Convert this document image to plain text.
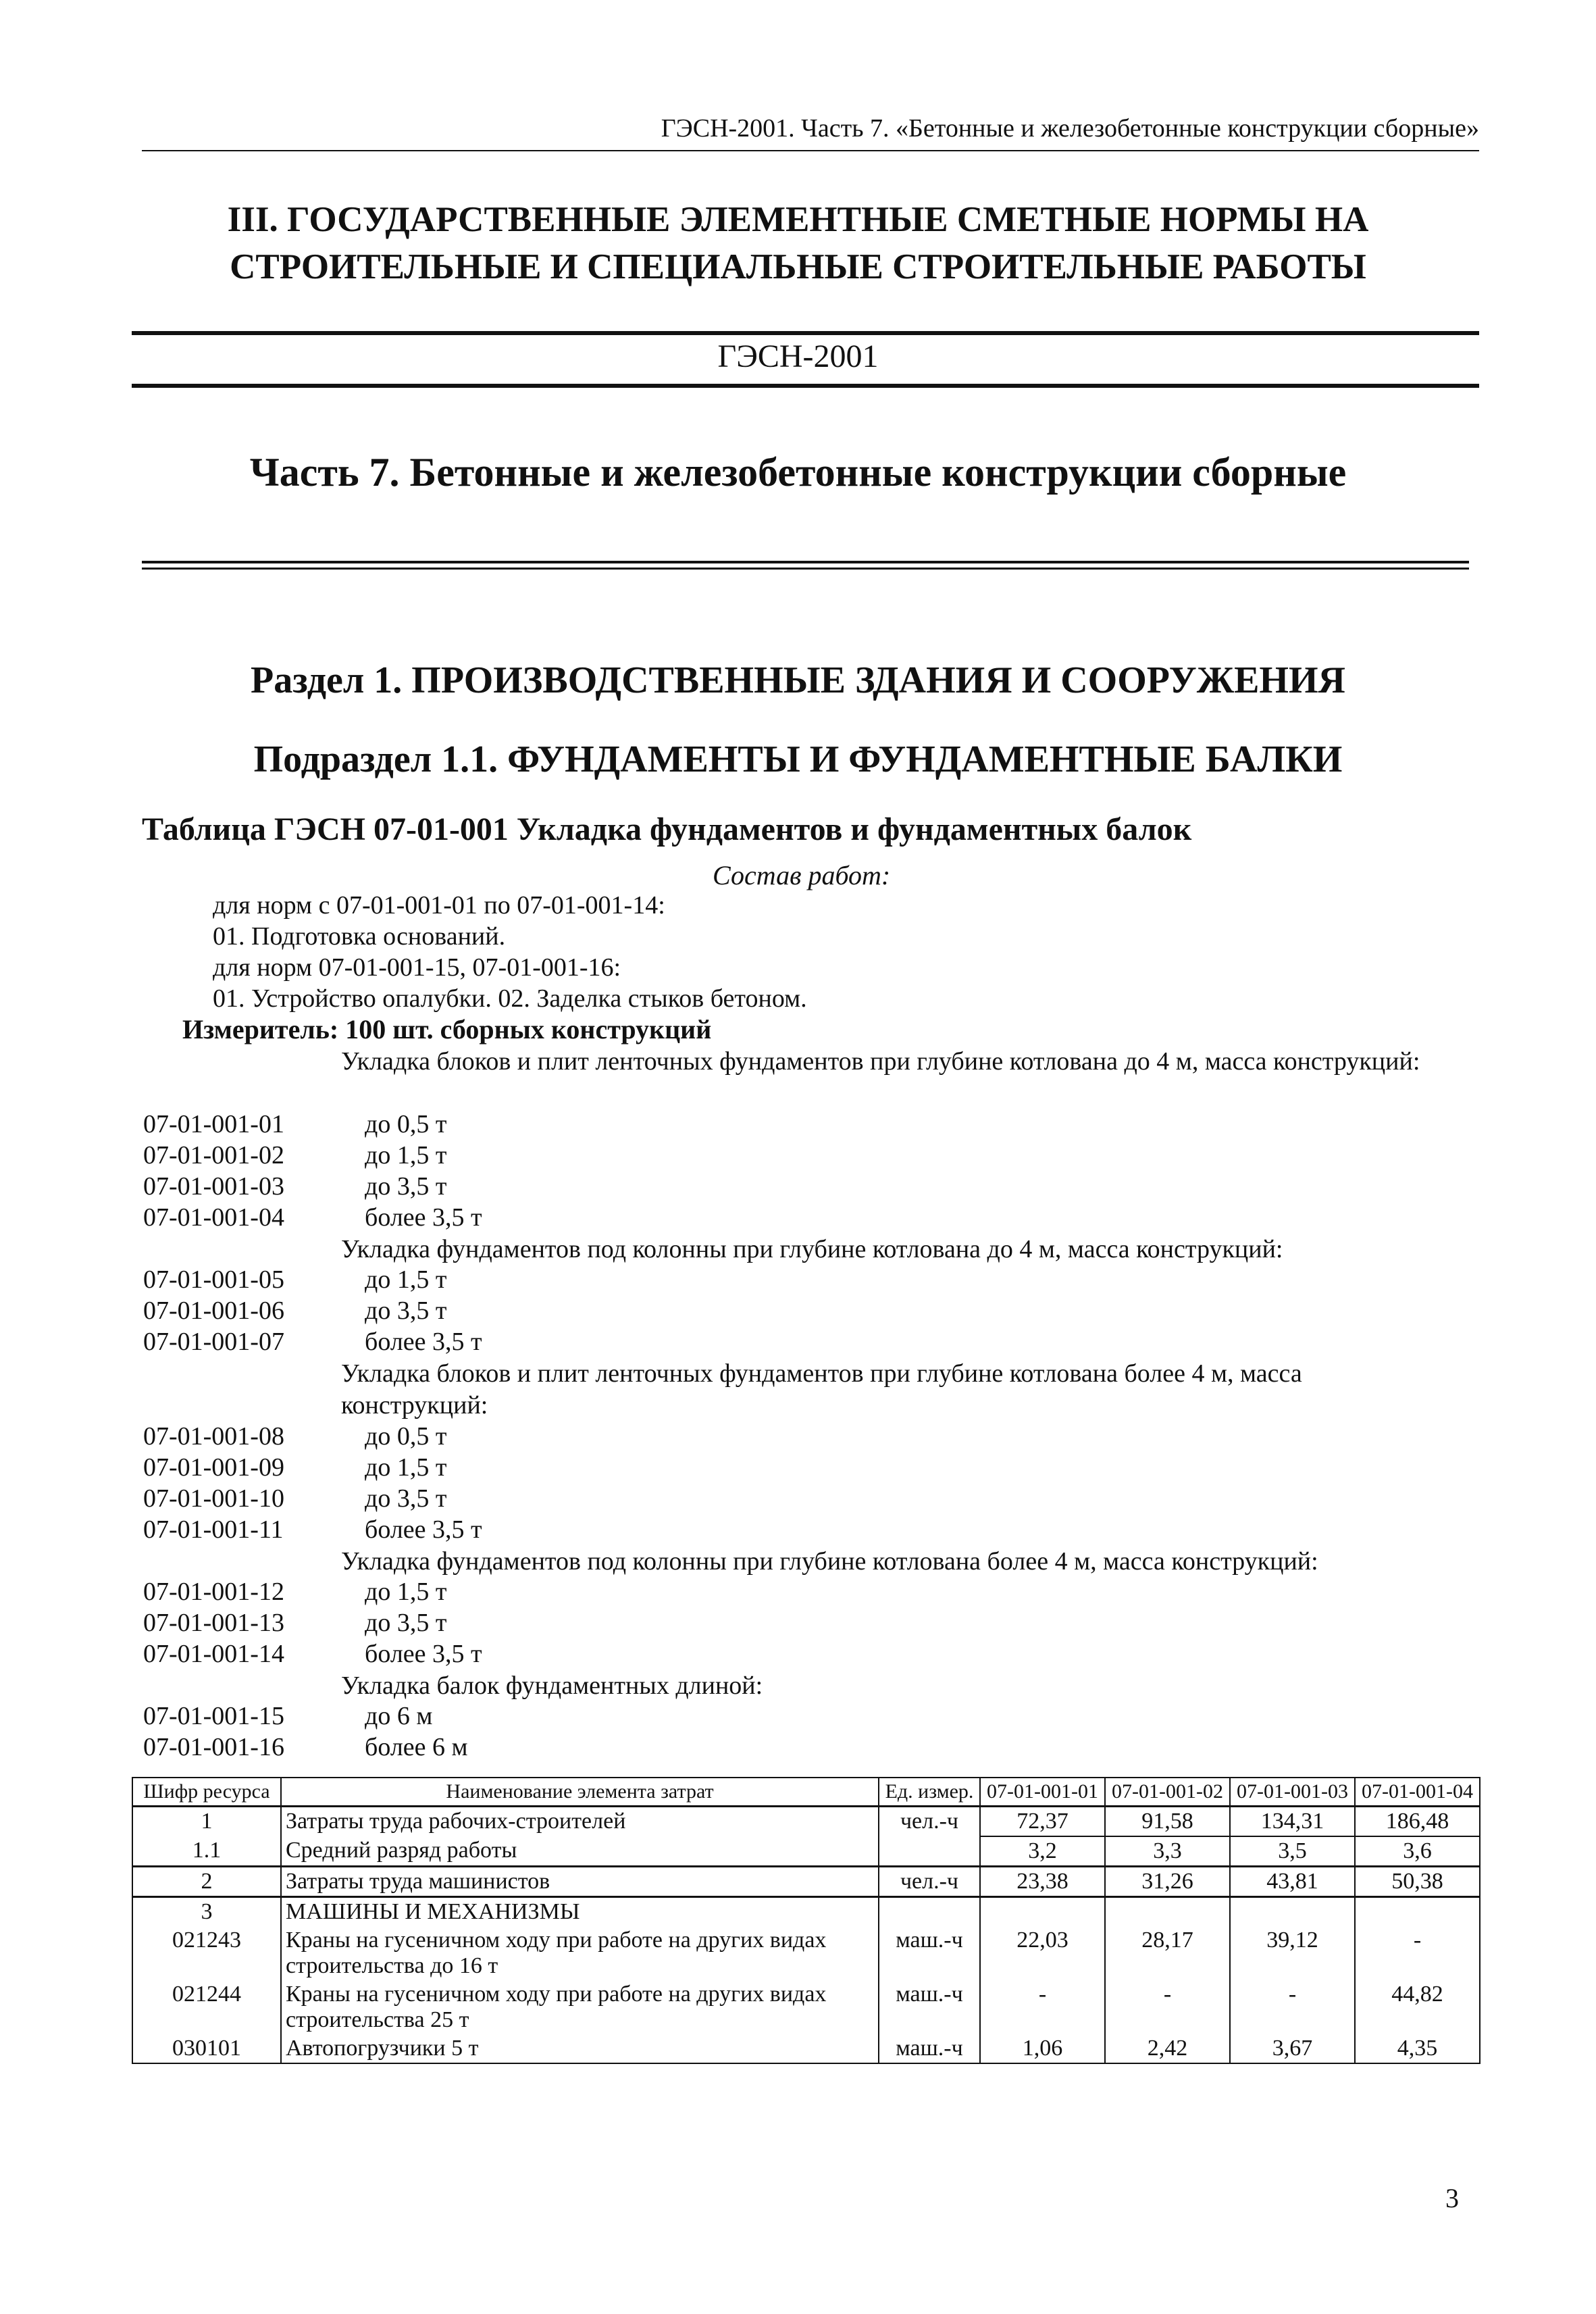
ГЭСН-2001. Часть 7. «Бетонные и железобетонные конструкции сборные»
III. ГОСУДАРСТВЕННЫЕ ЭЛЕМЕНТНЫЕ СМЕТНЫЕ НОРМЫ НА
СТРОИТЕЛЬНЫЕ И СПЕЦИАЛЬНЫЕ СТРОИТЕЛЬНЫЕ РАБОТЫ
ГЭСН-2001
Часть 7. Бетонные и железобетонные конструкции сборные
Раздел 1. ПРОИЗВОДСТВЕННЫЕ ЗДАНИЯ И СООРУЖЕНИЯ
Подраздел 1.1. ФУНДАМЕНТЫ И ФУНДАМЕНТНЫЕ БАЛКИ
Таблица ГЭСН 07-01-001 Укладка фундаментов и фундаментных балок
Состав работ:
для норм с 07-01-001-01 по 07-01-001-14:
01. Подготовка оснований.
для норм 07-01-001-15, 07-01-001-16:
01. Устройство опалубки. 02. Заделка стыков бетоном.
Измеритель: 100 шт. сборных конструкций
Укладка блоков и плит ленточных фундаментов при глубине котлована до 4 м, масса конструкций:
07-01-001-01	до 0,5 т
07-01-001-02	до 1,5 т
07-01-001-03	до 3,5 т
07-01-001-04	более 3,5 т
Укладка фундаментов под колонны при глубине котлована до 4 м, масса конструкций:
07-01-001-05	до 1,5 т
07-01-001-06	до 3,5 т
07-01-001-07	более 3,5 т
Укладка блоков и плит ленточных фундаментов при глубине котлована более 4 м, масса конструкций:
07-01-001-08	до 0,5 т
07-01-001-09	до 1,5 т
07-01-001-10	до 3,5 т
07-01-001-11	более 3,5 т
Укладка фундаментов под колонны при глубине котлована более 4 м, масса конструкций:
07-01-001-12	до 1,5 т
07-01-001-13	до 3,5 т
07-01-001-14	более 3,5 т
Укладка балок фундаментных длиной:
07-01-001-15	до 6 м
07-01-001-16	более 6 м
Шифр ресурса	Наименование элемента затрат	Ед. измер.	07-01-001-01	07-01-001-02	07-01-001-03	07-01-001-04
1	Затраты труда рабочих-строителей	чел.-ч	72,37	91,58	134,31	186,48
1.1	Средний разряд работы		3,2	3,3	3,5	3,6
2	Затраты труда машинистов	чел.-ч	23,38	31,26	43,81	50,38
3	МАШИНЫ И МЕХАНИЗМЫ					
021243	Краны на гусеничном ходу при работе на других видах строительства до 16 т	маш.-ч	22,03	28,17	39,12	-
021244	Краны на гусеничном ходу при работе на других видах строительства 25 т	маш.-ч	-	-	-	44,82
030101	Автопогрузчики 5 т	маш.-ч	1,06	2,42	3,67	4,35
3
